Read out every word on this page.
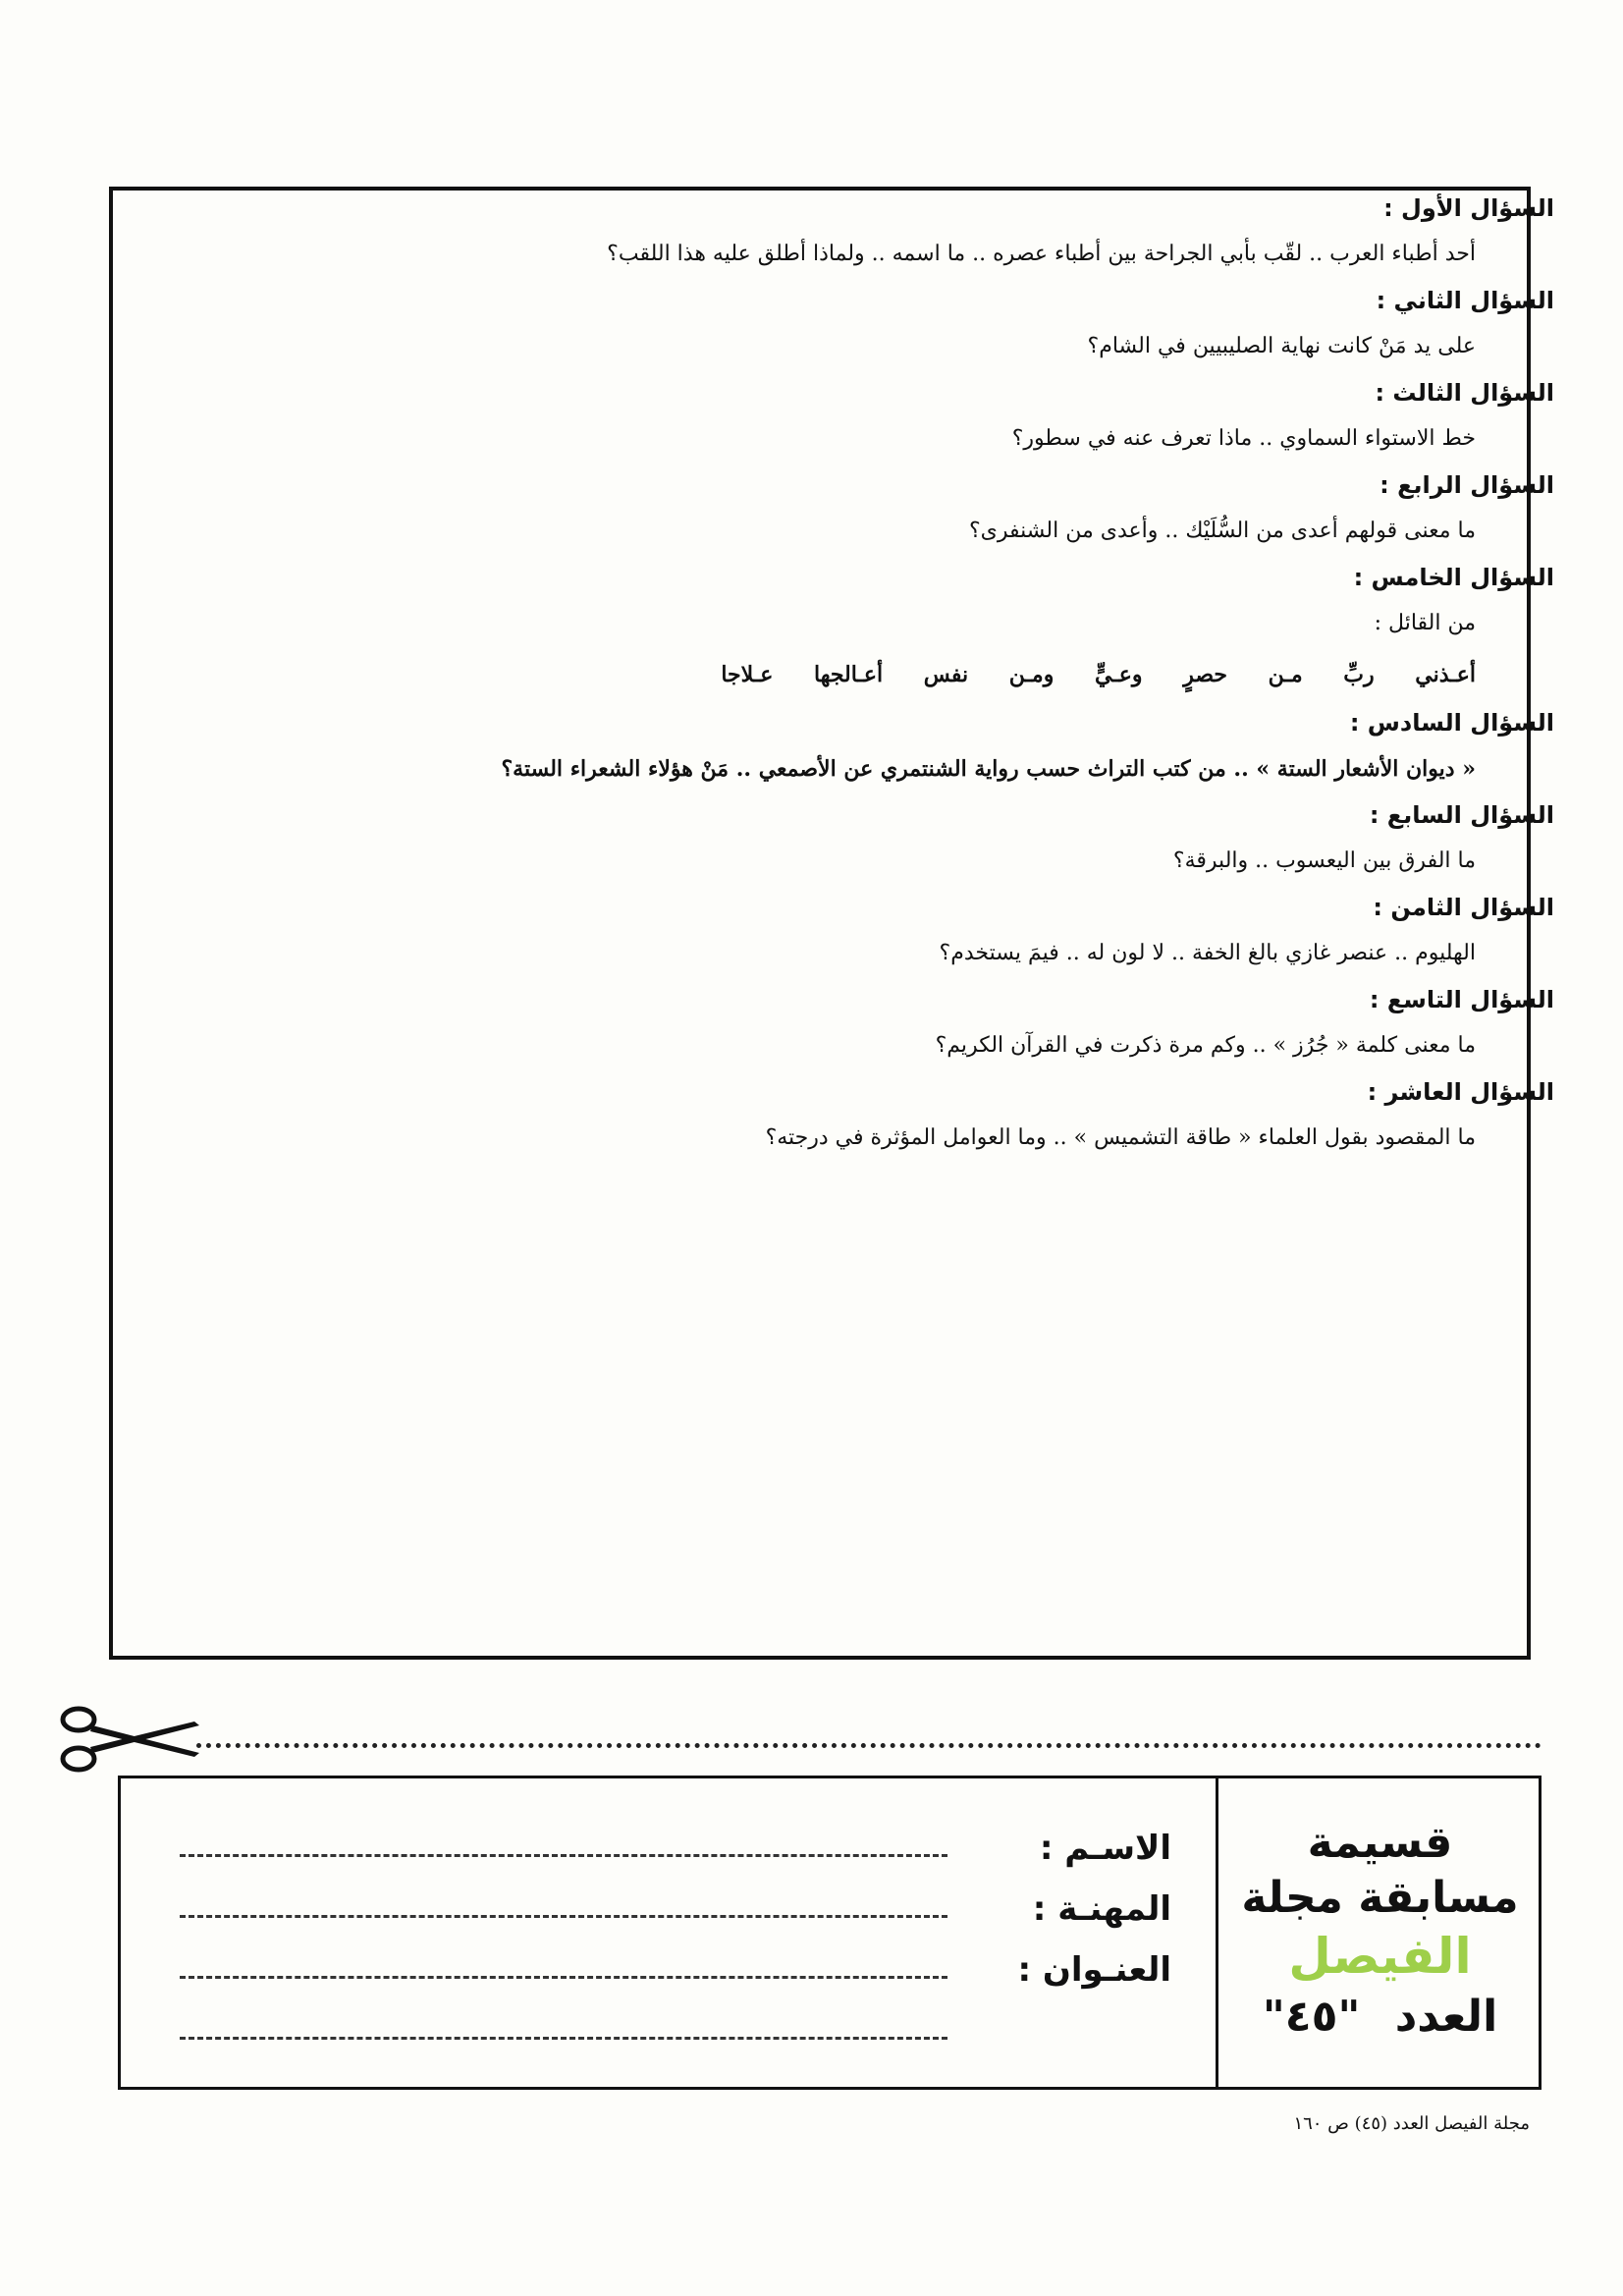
السؤال الأول :
أحد أطباء العرب .. لقّب بأبي الجراحة بين أطباء عصره .. ما اسمه .. ولماذا أطلق عليه هذا اللقب؟
السؤال الثاني :
على يد مَنْ كانت نهاية الصليبيين في الشام؟
السؤال الثالث :
خط الاستواء السماوي .. ماذا تعرف عنه في سطور؟
السؤال الرابع :
ما معنى قولهم أعدى من السُّلَيْك .. وأعدى من الشنفرى؟
السؤال الخامس :
من القائل :
أعـذني ربِّ مـن حصرٍ وعـيٍّ ومـن نفس أعـالجها عـلاجا
السؤال السادس :
« ديوان الأشعار الستة » .. من كتب التراث حسب رواية الشنتمري عن الأصمعي .. مَنْ هؤلاء الشعراء الستة؟
السؤال السابع :
ما الفرق بين اليعسوب .. والبرقة؟
السؤال الثامن :
الهليوم .. عنصر غازي بالغ الخفة .. لا لون له .. فيمَ يستخدم؟
السؤال التاسع :
ما معنى كلمة « جُرُز » .. وكم مرة ذكرت في القرآن الكريم؟
السؤال العاشر :
ما المقصود بقول العلماء « طاقة التشميس » .. وما العوامل المؤثرة في درجته؟
الاسـم :
المهنـة :
العنـوان :
قسيمة
مسابقة مجلة
الفيصل
العدد "٤٥"
مجلة الفيصل العدد (٤٥) ص ١٦٠
